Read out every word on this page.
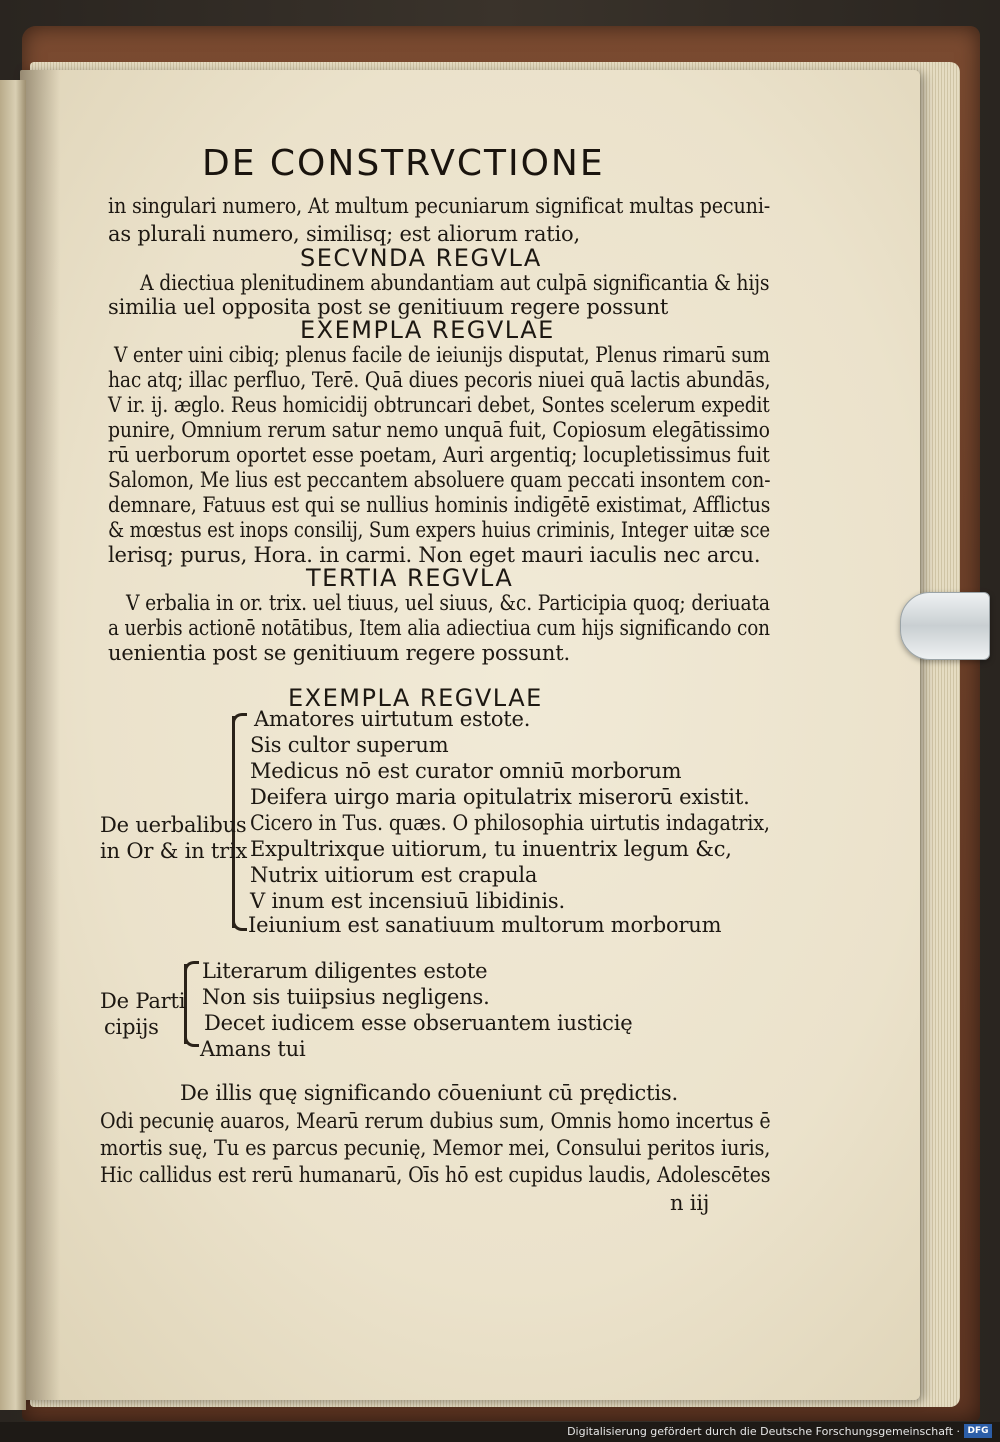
DE CONSTRVCTIONE
in singulari numero, At multum pecuniarum significat multas pecuni-
as plurali numero, similisq; est aliorum ratio,
SECVNDA REGVLA
A diectiua plenitudinem abundantiam aut culpā significantia & hijs
similia uel opposita post se genitiuum regere possunt
EXEMPLA REGVLAE
V enter uini cibiq; plenus facile de ieiunijs disputat, Plenus rimarū sum
hac atq; illac perfluo, Terē. Quā diues pecoris niuei quā lactis abundās,
V ir. ij. æglo. Reus homicidij obtruncari debet, Sontes scelerum expedit
punire, Omnium rerum satur nemo unquā fuit, Copiosum elegātissimo
rū uerborum oportet esse poetam, Auri argentiq; locupletissimus fuit
Salomon, Me lius est peccantem absoluere quam peccati insontem con-
demnare, Fatuus est qui se nullius hominis indigētē existimat, Afflictus
& mœstus est inops consilij, Sum expers huius criminis, Integer uitæ sce
lerisq; purus, Hora. in carmi. Non eget mauri iaculis nec arcu.
TERTIA REGVLA
V erbalia in or. trix. uel tiuus, uel siuus, &c. Participia quoq; deriuata
a uerbis actionē notātibus, Item alia adiectiua cum hijs significando con
uenientia post se genitiuum regere possunt.
EXEMPLA REGVLAE
De uerbalibus
in Or & in trix
Amatores uirtutum estote.
Sis cultor superum
Medicus nō est curator omniū morborum
Deifera uirgo maria opitulatrix miserorū existit.
Cicero in Tus. quæs. O philosophia uirtutis indagatrix,
Expultrixque uitiorum, tu inuentrix legum &c,
Nutrix uitiorum est crapula
V inum est incensiuū libidinis.
Ieiunium est sanatiuum multorum morborum
De Parti
cipijs
Literarum diligentes estote
Non sis tuiipsius negligens.
Decet iudicem esse obseruantem iusticię
Amans tui
De illis quę significando cōueniunt cū prędictis.
Odi pecunię auaros, Mearū rerum dubius sum, Omnis homo incertus ē
mortis suę, Tu es parcus pecunię, Memor mei, Consului peritos iuris,
Hic callidus est rerū humanarū, Oīs hō est cupidus laudis, Adolescētes
n iij
Digitalisierung gefördert durch die Deutsche Forschungsgemeinschaft · DFG
